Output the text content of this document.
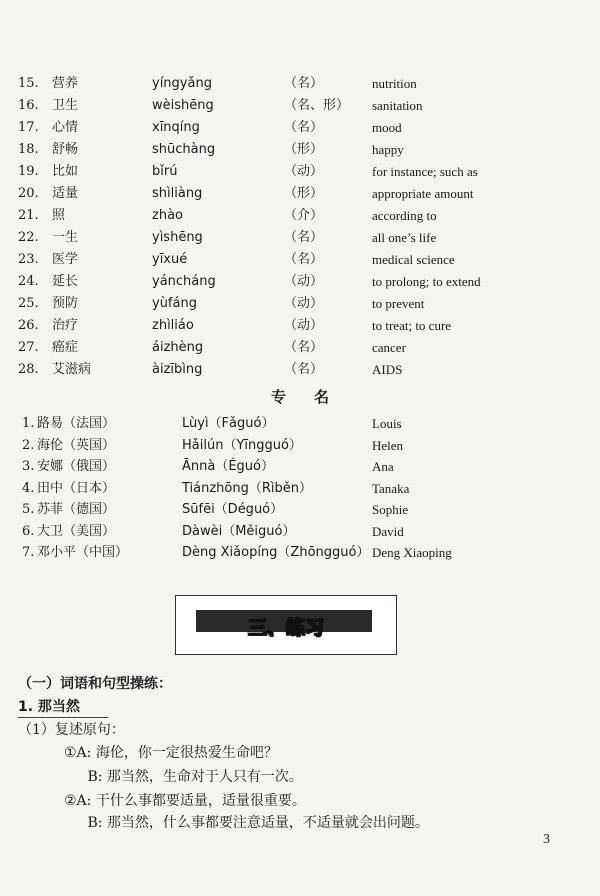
15.	营养	yíngyǎng	（名）	nutrition
16.	卫生	wèishēng	（名、形）	sanitation
17.	心情	xīnqíng	（名）	mood
18.	舒畅	shūchàng	（形）	happy
19.	比如	bǐrú	（动）	for instance; such as
20.	适量	shìliàng	（形）	appropriate amount
21.	照	zhào	（介）	according to
22.	一生	yìshēng	（名）	all one’s life
23.	医学	yīxué	（名）	medical science
24.	延长	yáncháng	（动）	to prolong; to extend
25.	预防	yùfáng	（动）	to prevent
26.	治疗	zhìliáo	（动）	to treat; to cure
27.	癌症	áizhèng	（名）	cancer
28.	艾滋病	àizībìng	（名）	AIDS
专名
1. 路易（法国）	Lùyì（Fǎguó）	Louis
2. 海伦（英国）	Hǎilún（Yīngguó）	Helen
3. 安娜（俄国）	Ānnà（Éguó）	Ana
4. 田中（日本）	Tiánzhōng（Rìběn）	Tanaka
5. 苏菲（德国）	Sūfēi（Déguó）	Sophie
6. 大卫（美国）	Dàwèi（Měiguó）	David
7. 邓小平（中国）	Dèng Xiǎopíng（Zhōngguó） Deng Xiaoping
三、练习
（一）词语和句型操练：
1. 那当然
（1）复述原句：
①A: 海伦，你一定很热爱生命吧？
B: 那当然，生命对于人只有一次。
②A: 干什么事都要适量，适量很重要。
B: 那当然，什么事都要注意适量，不适量就会出问题。
3
